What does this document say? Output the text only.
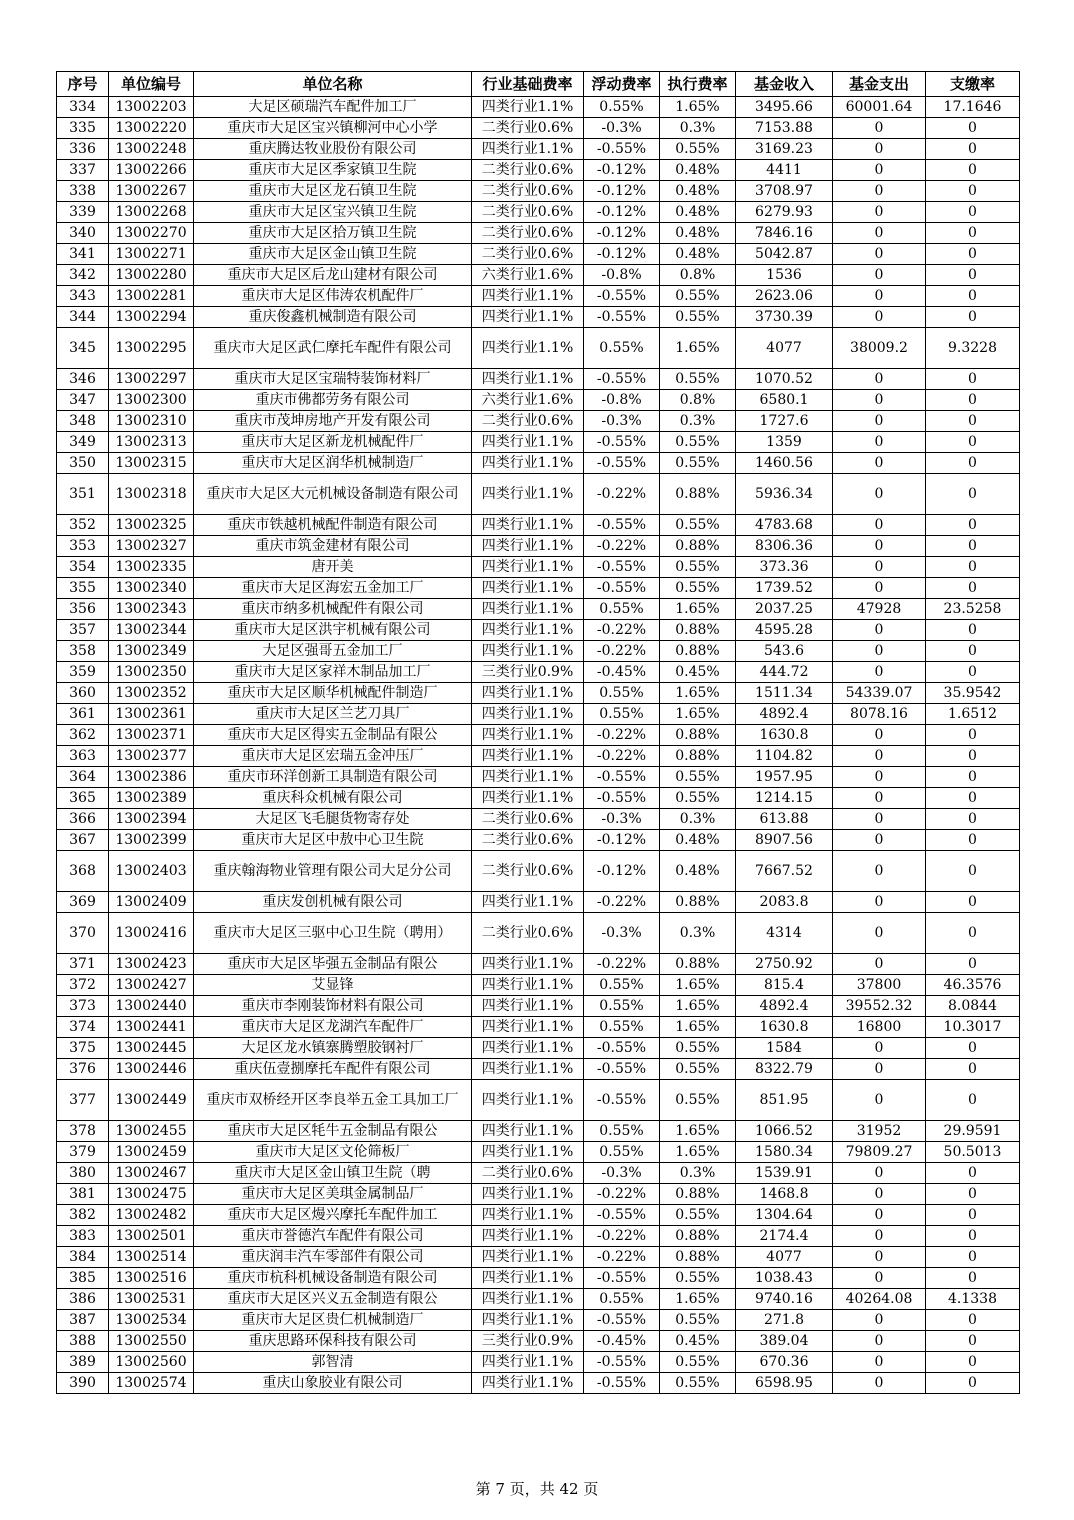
序号	单位编号	单位名称	行业基础费率	浮动费率	执行费率	基金收入	基金支出	支缴率
334	13002203	大足区硕瑞汽车配件加工厂	四类行业1.1%	0.55%	1.65%	3495.66	60001.64	17.1646
335	13002220	重庆市大足区宝兴镇柳河中心小学	二类行业0.6%	-0.3%	0.3%	7153.88	0	0
336	13002248	重庆腾达牧业股份有限公司	四类行业1.1%	-0.55%	0.55%	3169.23	0	0
337	13002266	重庆市大足区季家镇卫生院	二类行业0.6%	-0.12%	0.48%	4411	0	0
338	13002267	重庆市大足区龙石镇卫生院	二类行业0.6%	-0.12%	0.48%	3708.97	0	0
339	13002268	重庆市大足区宝兴镇卫生院	二类行业0.6%	-0.12%	0.48%	6279.93	0	0
340	13002270	重庆市大足区拾万镇卫生院	二类行业0.6%	-0.12%	0.48%	7846.16	0	0
341	13002271	重庆市大足区金山镇卫生院	二类行业0.6%	-0.12%	0.48%	5042.87	0	0
342	13002280	重庆市大足区后龙山建材有限公司	六类行业1.6%	-0.8%	0.8%	1536	0	0
343	13002281	重庆市大足区伟涛农机配件厂	四类行业1.1%	-0.55%	0.55%	2623.06	0	0
344	13002294	重庆俊鑫机械制造有限公司	四类行业1.1%	-0.55%	0.55%	3730.39	0	0
345	13002295	重庆市大足区武仁摩托车配件有限公司	四类行业1.1%	0.55%	1.65%	4077	38009.2	9.3228
346	13002297	重庆市大足区宝瑞特装饰材料厂	四类行业1.1%	-0.55%	0.55%	1070.52	0	0
347	13002300	重庆市佛都劳务有限公司	六类行业1.6%	-0.8%	0.8%	6580.1	0	0
348	13002310	重庆市茂坤房地产开发有限公司	二类行业0.6%	-0.3%	0.3%	1727.6	0	0
349	13002313	重庆市大足区新龙机械配件厂	四类行业1.1%	-0.55%	0.55%	1359	0	0
350	13002315	重庆市大足区润华机械制造厂	四类行业1.1%	-0.55%	0.55%	1460.56	0	0
351	13002318	重庆市大足区大元机械设备制造有限公司	四类行业1.1%	-0.22%	0.88%	5936.34	0	0
352	13002325	重庆市铁越机械配件制造有限公司	四类行业1.1%	-0.55%	0.55%	4783.68	0	0
353	13002327	重庆市筑金建材有限公司	四类行业1.1%	-0.22%	0.88%	8306.36	0	0
354	13002335	唐开美	四类行业1.1%	-0.55%	0.55%	373.36	0	0
355	13002340	重庆市大足区海宏五金加工厂	四类行业1.1%	-0.55%	0.55%	1739.52	0	0
356	13002343	重庆市纳多机械配件有限公司	四类行业1.1%	0.55%	1.65%	2037.25	47928	23.5258
357	13002344	重庆市大足区洪宇机械有限公司	四类行业1.1%	-0.22%	0.88%	4595.28	0	0
358	13002349	大足区强哥五金加工厂	四类行业1.1%	-0.22%	0.88%	543.6	0	0
359	13002350	重庆市大足区家祥木制品加工厂	三类行业0.9%	-0.45%	0.45%	444.72	0	0
360	13002352	重庆市大足区顺华机械配件制造厂	四类行业1.1%	0.55%	1.65%	1511.34	54339.07	35.9542
361	13002361	重庆市大足区兰艺刀具厂	四类行业1.1%	0.55%	1.65%	4892.4	8078.16	1.6512
362	13002371	重庆市大足区得实五金制品有限公	四类行业1.1%	-0.22%	0.88%	1630.8	0	0
363	13002377	重庆市大足区宏瑞五金冲压厂	四类行业1.1%	-0.22%	0.88%	1104.82	0	0
364	13002386	重庆市环洋创新工具制造有限公司	四类行业1.1%	-0.55%	0.55%	1957.95	0	0
365	13002389	重庆科众机械有限公司	四类行业1.1%	-0.55%	0.55%	1214.15	0	0
366	13002394	大足区飞毛腿货物寄存处	二类行业0.6%	-0.3%	0.3%	613.88	0	0
367	13002399	重庆市大足区中敖中心卫生院	二类行业0.6%	-0.12%	0.48%	8907.56	0	0
368	13002403	重庆翰海物业管理有限公司大足分公司	二类行业0.6%	-0.12%	0.48%	7667.52	0	0
369	13002409	重庆发创机械有限公司	四类行业1.1%	-0.22%	0.88%	2083.8	0	0
370	13002416	重庆市大足区三驱中心卫生院（聘用）	二类行业0.6%	-0.3%	0.3%	4314	0	0
371	13002423	重庆市大足区毕强五金制品有限公	四类行业1.1%	-0.22%	0.88%	2750.92	0	0
372	13002427	艾显锋	四类行业1.1%	0.55%	1.65%	815.4	37800	46.3576
373	13002440	重庆市李刚装饰材料有限公司	四类行业1.1%	0.55%	1.65%	4892.4	39552.32	8.0844
374	13002441	重庆市大足区龙湖汽车配件厂	四类行业1.1%	0.55%	1.65%	1630.8	16800	10.3017
375	13002445	大足区龙水镇寨腾塑胶钢衬厂	四类行业1.1%	-0.55%	0.55%	1584	0	0
376	13002446	重庆伍壹捌摩托车配件有限公司	四类行业1.1%	-0.55%	0.55%	8322.79	0	0
377	13002449	重庆市双桥经开区李良举五金工具加工厂	四类行业1.1%	-0.55%	0.55%	851.95	0	0
378	13002455	重庆市大足区牦牛五金制品有限公	四类行业1.1%	0.55%	1.65%	1066.52	31952	29.9591
379	13002459	重庆市大足区文伦筛板厂	四类行业1.1%	0.55%	1.65%	1580.34	79809.27	50.5013
380	13002467	重庆市大足区金山镇卫生院（聘	二类行业0.6%	-0.3%	0.3%	1539.91	0	0
381	13002475	重庆市大足区美琪金属制品厂	四类行业1.1%	-0.22%	0.88%	1468.8	0	0
382	13002482	重庆市大足区熳兴摩托车配件加工	四类行业1.1%	-0.55%	0.55%	1304.64	0	0
383	13002501	重庆市誉德汽车配件有限公司	四类行业1.1%	-0.22%	0.88%	2174.4	0	0
384	13002514	重庆润丰汽车零部件有限公司	四类行业1.1%	-0.22%	0.88%	4077	0	0
385	13002516	重庆市杭科机械设备制造有限公司	四类行业1.1%	-0.55%	0.55%	1038.43	0	0
386	13002531	重庆市大足区兴义五金制造有限公	四类行业1.1%	0.55%	1.65%	9740.16	40264.08	4.1338
387	13002534	重庆市大足区贵仁机械制造厂	四类行业1.1%	-0.55%	0.55%	271.8	0	0
388	13002550	重庆思路环保科技有限公司	三类行业0.9%	-0.45%	0.45%	389.04	0	0
389	13002560	郭智清	四类行业1.1%	-0.55%	0.55%	670.36	0	0
390	13002574	重庆山象胶业有限公司	四类行业1.1%	-0.55%	0.55%	6598.95	0	0
第 7 页，共 42 页
